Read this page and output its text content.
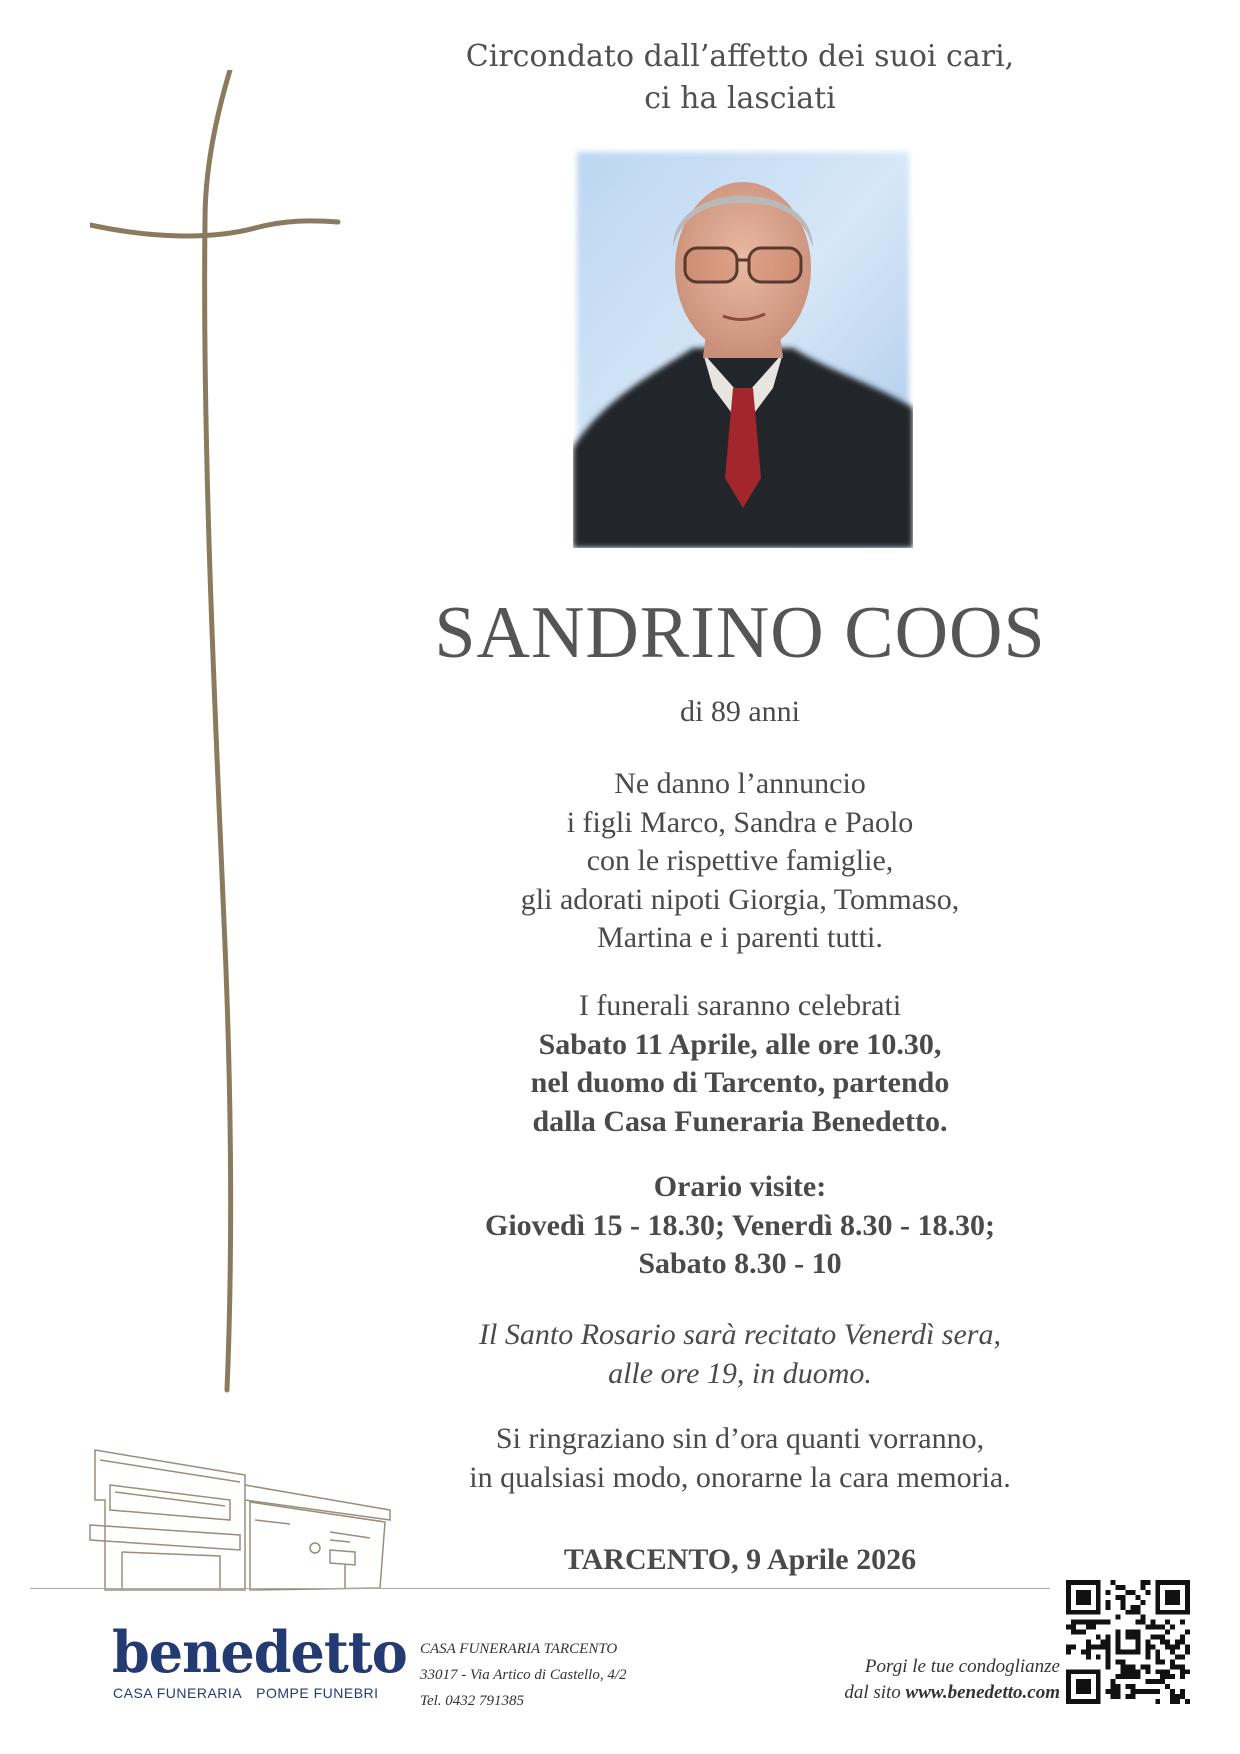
Circondato dall’affetto dei suoi cari,
ci ha lasciati
SANDRINO COOS
di 89 anni
Ne danno l’annuncio
i figli Marco, Sandra e Paolo
con le rispettive famiglie,
gli adorati nipoti Giorgia, Tommaso,
Martina e i parenti tutti.
I funerali saranno celebrati
Sabato 11 Aprile, alle ore 10.30,
nel duomo di Tarcento, partendo
dalla Casa Funeraria Benedetto.
Orario visite:
Giovedì 15 - 18.30; Venerdì 8.30 - 18.30;
Sabato 8.30 - 10
Il Santo Rosario sarà recitato Venerdì sera,
alle ore 19, in duomo.
Si ringraziano sin d’ora quanti vorranno,
in qualsiasi modo, onorarne la cara memoria.
TARCENTO, 9 Aprile 2026
benedetto
CASA FUNERARIA POMPE FUNEBRI
CASA FUNERARIA TARCENTO
33017 - Via Artico di Castello, 4/2
Tel. 0432 791385
Porgi le tue condoglianze
dal sito www.benedetto.com
